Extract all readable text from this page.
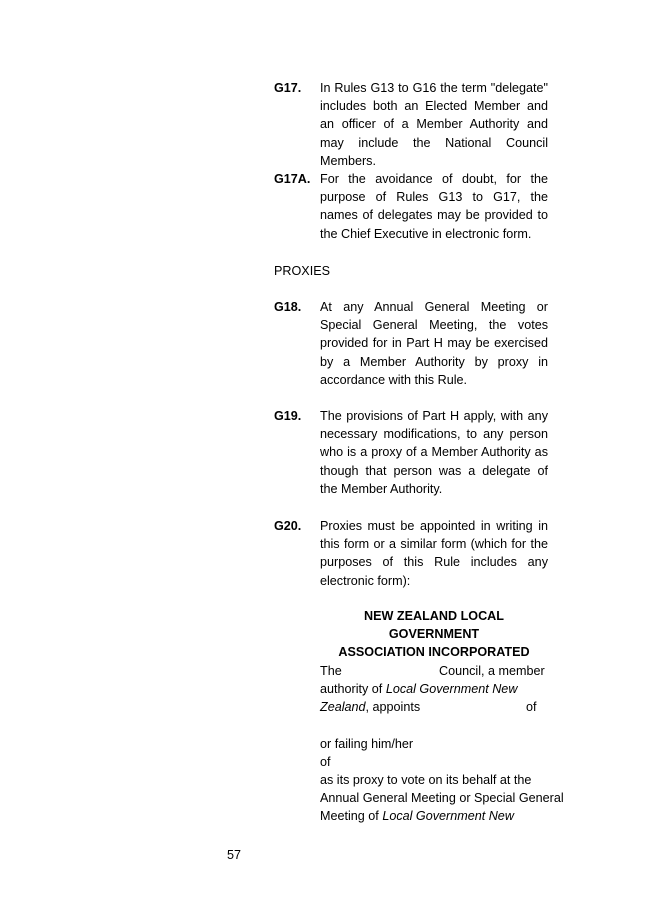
G17. In Rules G13 to G16 the term "delegate" includes both an Elected Member and an officer of a Member Authority and may include the National Council Members.
G17A. For the avoidance of doubt, for the purpose of Rules G13 to G17, the names of delegates may be provided to the Chief Executive in electronic form.
PROXIES
G18. At any Annual General Meeting or Special General Meeting, the votes provided for in Part H may be exercised by a Member Authority by proxy in accordance with this Rule.
G19. The provisions of Part H apply, with any necessary modifications, to any person who is a proxy of a Member Authority as though that person was a delegate of the Member Authority.
G20. Proxies must be appointed in writing in this form or a similar form (which for the purposes of this Rule includes any electronic form):
NEW ZEALAND LOCAL GOVERNMENT
ASSOCIATION INCORPORATED
The	Council, a member
authority of Local Government New
Zealand, appoints	of
or failing him/her
of
as its proxy to vote on its behalf at the
Annual General Meeting or Special General
Meeting of Local Government New
57
